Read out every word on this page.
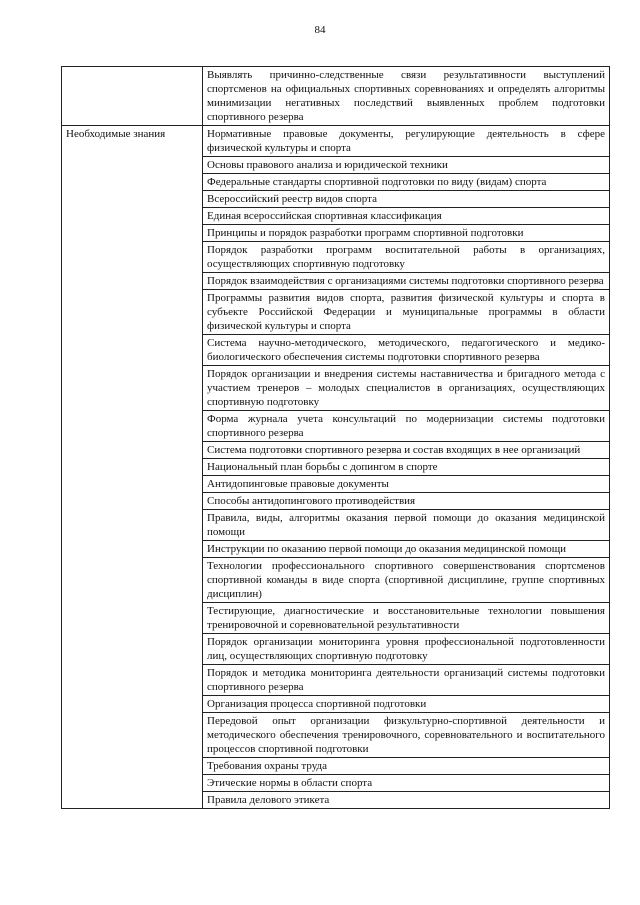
84
	Выявлять причинно-следственные связи результативности выступлений спортсменов на официальных спортивных соревнованиях и определять алгоритмы минимизации негативных последствий выявленных проблем подготовки спортивного резерва
Необходимые знания	Нормативные правовые документы, регулирующие деятельность в сфере физической культуры и спорта
	Основы правового анализа и юридической техники
	Федеральные стандарты спортивной подготовки по виду (видам) спорта
	Всероссийский реестр видов спорта
	Единая всероссийская спортивная классификация
	Принципы и порядок разработки программ спортивной подготовки
	Порядок разработки программ воспитательной работы в организациях, осуществляющих спортивную подготовку
	Порядок взаимодействия с организациями системы подготовки спортивного резерва
	Программы развития видов спорта, развития физической культуры и спорта в субъекте Российской Федерации и муниципальные программы в области физической культуры и спорта
	Система научно-методического, методического, педагогического и медико-биологического обеспечения системы подготовки спортивного резерва
	Порядок организации и внедрения системы наставничества и бригадного метода с участием тренеров – молодых специалистов в организациях, осуществляющих спортивную подготовку
	Форма журнала учета консультаций по модернизации системы подготовки спортивного резерва
	Система подготовки спортивного резерва и состав входящих в нее организаций
	Национальный план борьбы с допингом в спорте
	Антидопинговые правовые документы
	Способы антидопингового противодействия
	Правила, виды, алгоритмы оказания первой помощи до оказания медицинской помощи
	Инструкции по оказанию первой помощи до оказания медицинской помощи
	Технологии профессионального спортивного совершенствования спортсменов спортивной команды в виде спорта (спортивной дисциплине, группе спортивных дисциплин)
	Тестирующие, диагностические и восстановительные технологии повышения тренировочной и соревновательной результативности
	Порядок организации мониторинга уровня профессиональной подготовленности лиц, осуществляющих спортивную подготовку
	Порядок и методика мониторинга деятельности организаций системы подготовки спортивного резерва
	Организация процесса спортивной подготовки
	Передовой опыт организации физкультурно-спортивной деятельности и методического обеспечения тренировочного, соревновательного и воспитательного процессов спортивной подготовки
	Требования охраны труда
	Этические нормы в области спорта
	Правила делового этикета
